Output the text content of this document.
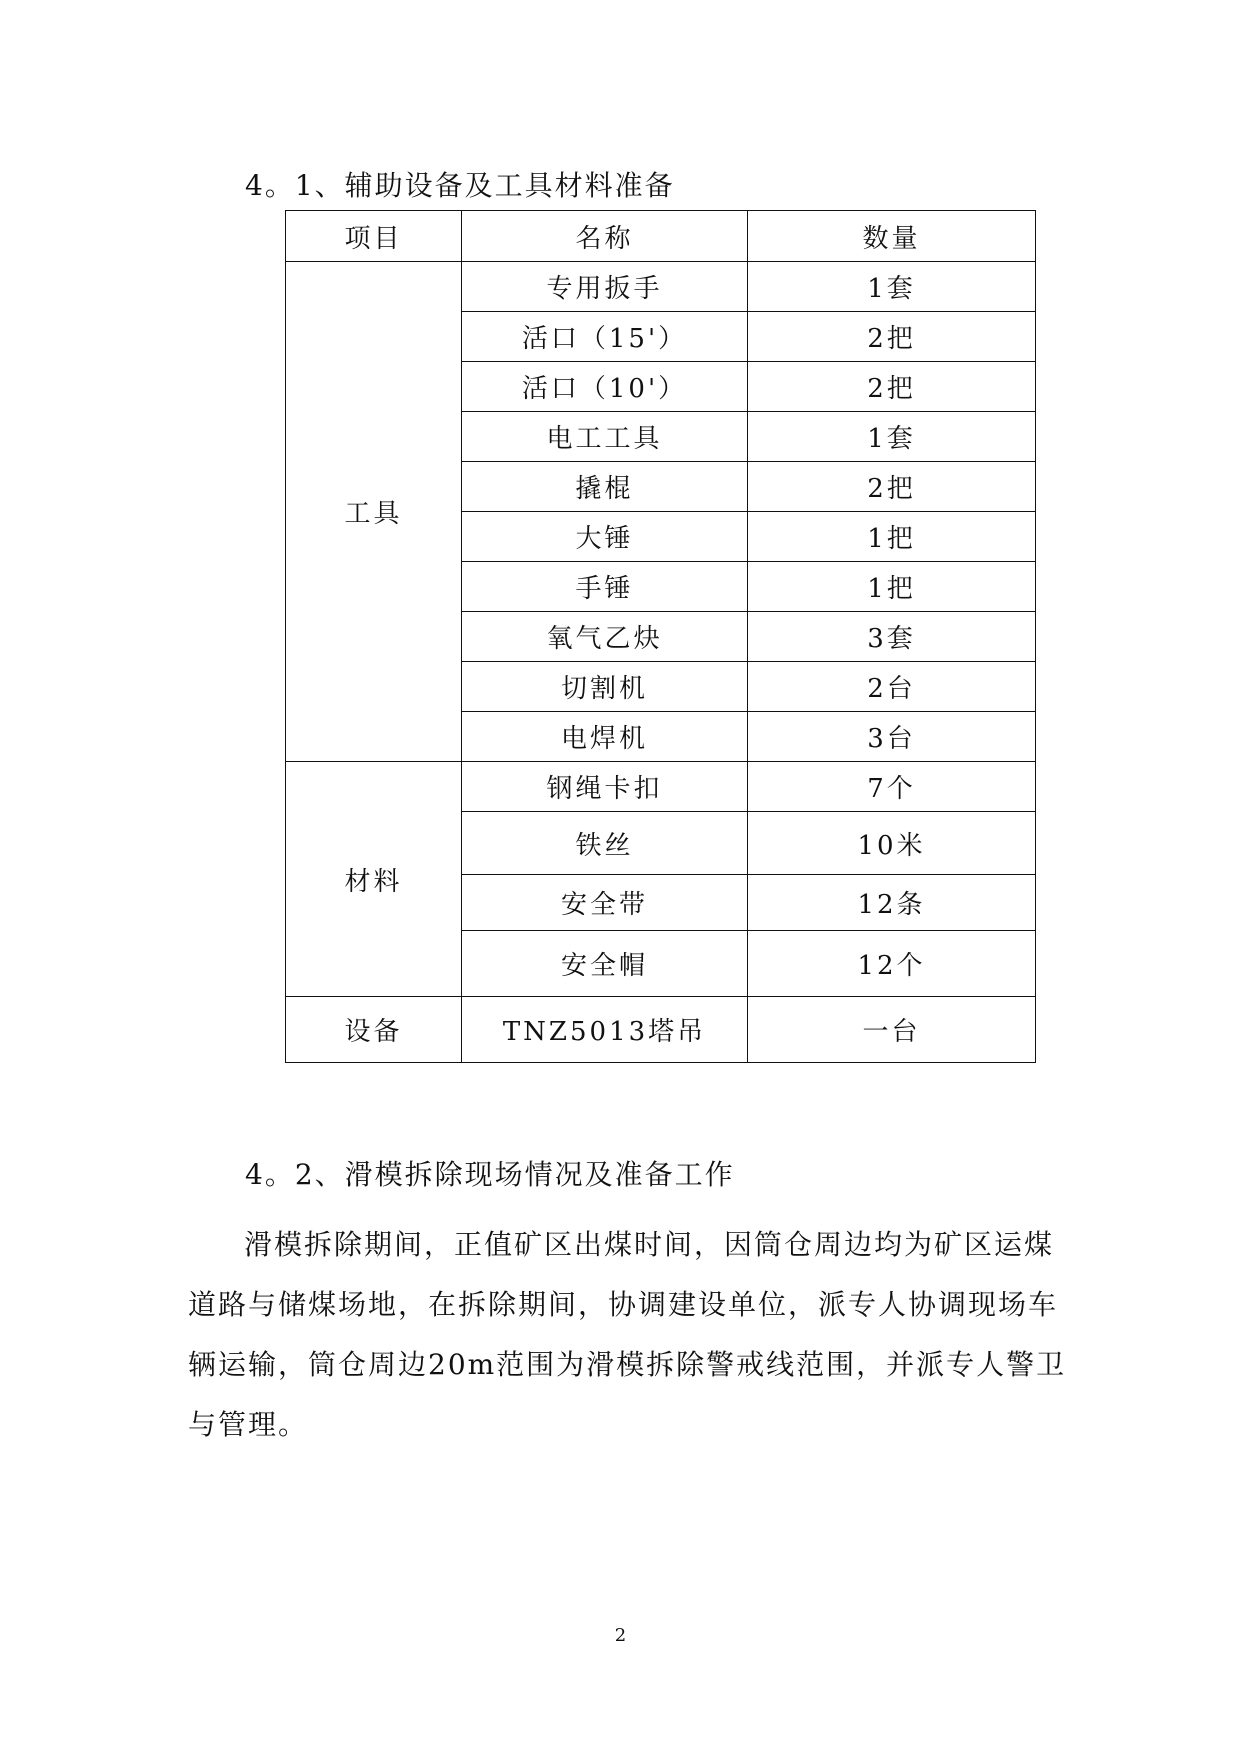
4。1、辅助设备及工具材料准备
项目	名称	数量
工具	专用扳手	1套
	活口（15'）	2把
	活口（10'）	2把
	电工工具	1套
	撬棍	2把
	大锤	1把
	手锤	1把
	氧气乙炔	3套
	切割机	2台
	电焊机	3台
材料	钢绳卡扣	7个
	铁丝	10米
	安全带	12条
	安全帽	12个
设备	TNZ5013塔吊	一台
4。2、滑模拆除现场情况及准备工作

滑模拆除期间，正值矿区出煤时间，因筒仓周边均为矿区运煤道路与储煤场地，在拆除期间，协调建设单位，派专人协调现场车辆运输，筒仓周边20m范围为滑模拆除警戒线范围，并派专人警卫与管理。

2
